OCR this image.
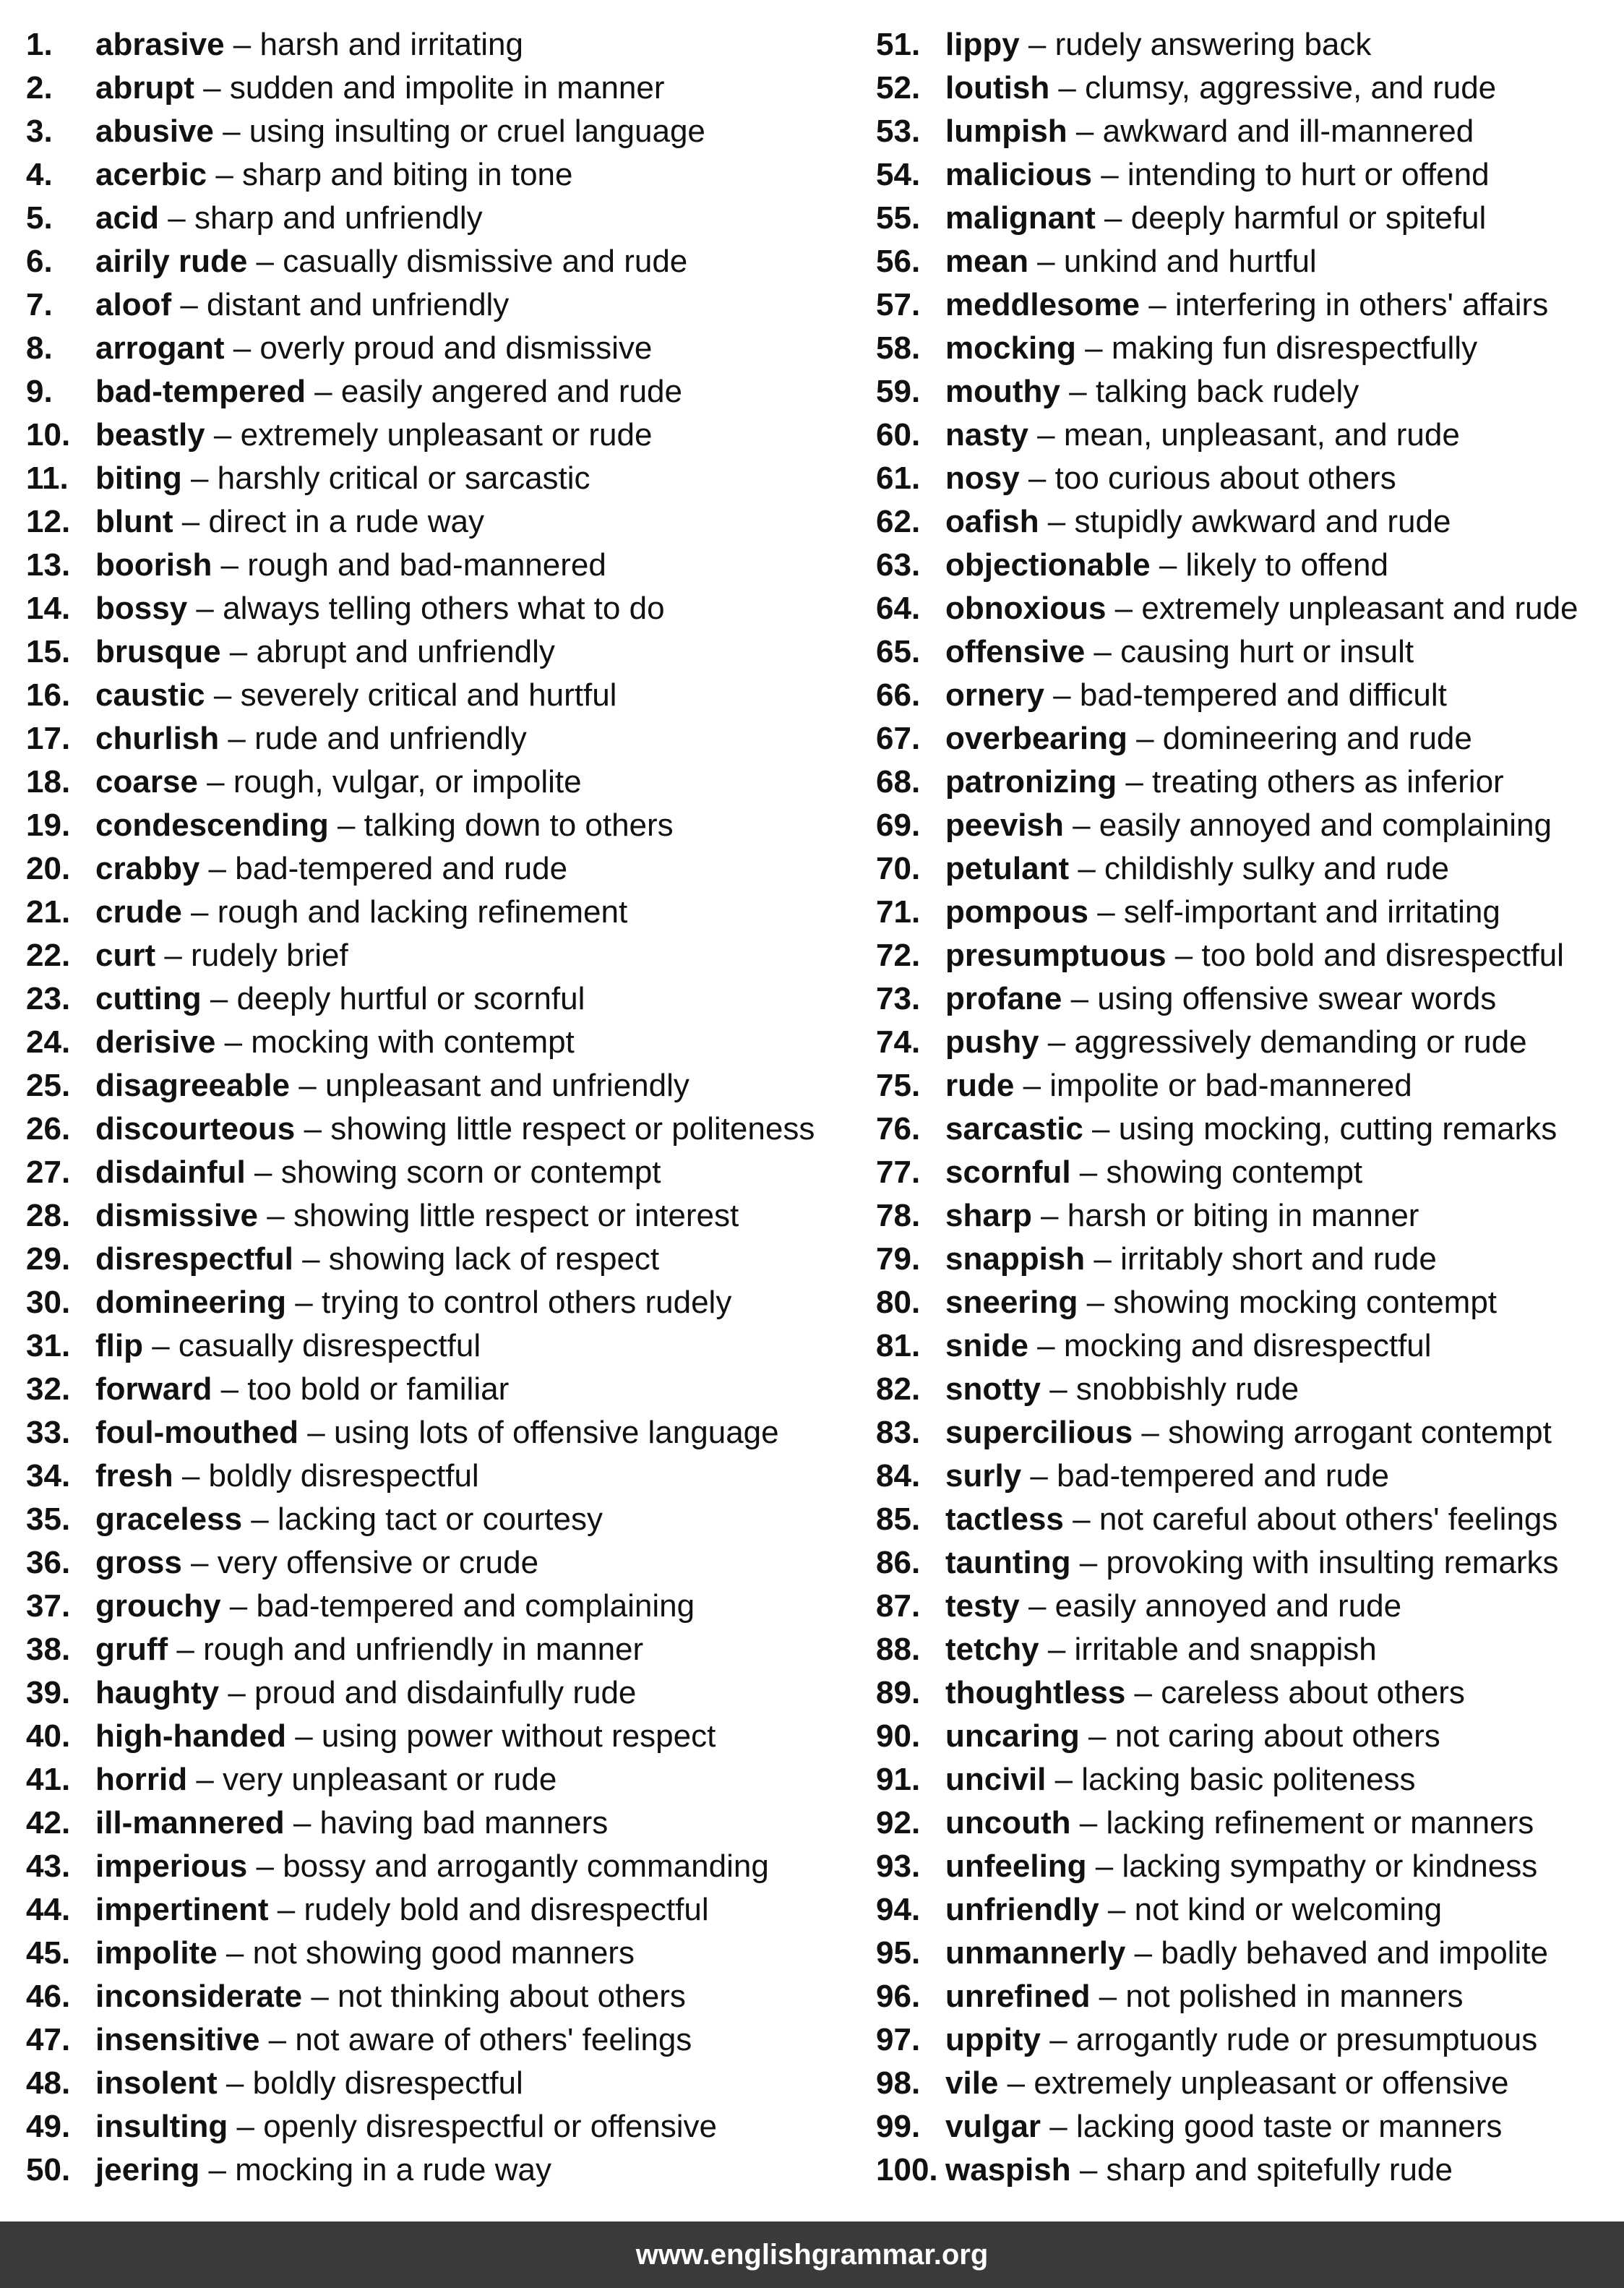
1. abrasive – harsh and irritating
2. abrupt – sudden and impolite in manner
3. abusive – using insulting or cruel language
4. acerbic – sharp and biting in tone
5. acid – sharp and unfriendly
6. airily rude – casually dismissive and rude
7. aloof – distant and unfriendly
8. arrogant – overly proud and dismissive
9. bad-tempered – easily angered and rude
10. beastly – extremely unpleasant or rude
11. biting – harshly critical or sarcastic
12. blunt – direct in a rude way
13. boorish – rough and bad-mannered
14. bossy – always telling others what to do
15. brusque – abrupt and unfriendly
16. caustic – severely critical and hurtful
17. churlish – rude and unfriendly
18. coarse – rough, vulgar, or impolite
19. condescending – talking down to others
20. crabby – bad-tempered and rude
21. crude – rough and lacking refinement
22. curt – rudely brief
23. cutting – deeply hurtful or scornful
24. derisive – mocking with contempt
25. disagreeable – unpleasant and unfriendly
26. discourteous – showing little respect or politeness
27. disdainful – showing scorn or contempt
28. dismissive – showing little respect or interest
29. disrespectful – showing lack of respect
30. domineering – trying to control others rudely
31. flip – casually disrespectful
32. forward – too bold or familiar
33. foul-mouthed – using lots of offensive language
34. fresh – boldly disrespectful
35. graceless – lacking tact or courtesy
36. gross – very offensive or crude
37. grouchy – bad-tempered and complaining
38. gruff – rough and unfriendly in manner
39. haughty – proud and disdainfully rude
40. high-handed – using power without respect
41. horrid – very unpleasant or rude
42. ill-mannered – having bad manners
43. imperious – bossy and arrogantly commanding
44. impertinent – rudely bold and disrespectful
45. impolite – not showing good manners
46. inconsiderate – not thinking about others
47. insensitive – not aware of others' feelings
48. insolent – boldly disrespectful
49. insulting – openly disrespectful or offensive
50. jeering – mocking in a rude way
51. lippy – rudely answering back
52. loutish – clumsy, aggressive, and rude
53. lumpish – awkward and ill-mannered
54. malicious – intending to hurt or offend
55. malignant – deeply harmful or spiteful
56. mean – unkind and hurtful
57. meddlesome – interfering in others' affairs
58. mocking – making fun disrespectfully
59. mouthy – talking back rudely
60. nasty – mean, unpleasant, and rude
61. nosy – too curious about others
62. oafish – stupidly awkward and rude
63. objectionable – likely to offend
64. obnoxious – extremely unpleasant and rude
65. offensive – causing hurt or insult
66. ornery – bad-tempered and difficult
67. overbearing – domineering and rude
68. patronizing – treating others as inferior
69. peevish – easily annoyed and complaining
70. petulant – childishly sulky and rude
71. pompous – self-important and irritating
72. presumptuous – too bold and disrespectful
73. profane – using offensive swear words
74. pushy – aggressively demanding or rude
75. rude – impolite or bad-mannered
76. sarcastic – using mocking, cutting remarks
77. scornful – showing contempt
78. sharp – harsh or biting in manner
79. snappish – irritably short and rude
80. sneering – showing mocking contempt
81. snide – mocking and disrespectful
82. snotty – snobbishly rude
83. supercilious – showing arrogant contempt
84. surly – bad-tempered and rude
85. tactless – not careful about others' feelings
86. taunting – provoking with insulting remarks
87. testy – easily annoyed and rude
88. tetchy – irritable and snappish
89. thoughtless – careless about others
90. uncaring – not caring about others
91. uncivil – lacking basic politeness
92. uncouth – lacking refinement or manners
93. unfeeling – lacking sympathy or kindness
94. unfriendly – not kind or welcoming
95. unmannerly – badly behaved and impolite
96. unrefined – not polished in manners
97. uppity – arrogantly rude or presumptuous
98. vile – extremely unpleasant or offensive
99. vulgar – lacking good taste or manners
100. waspish – sharp and spitefully rude
www.englishgrammar.org
